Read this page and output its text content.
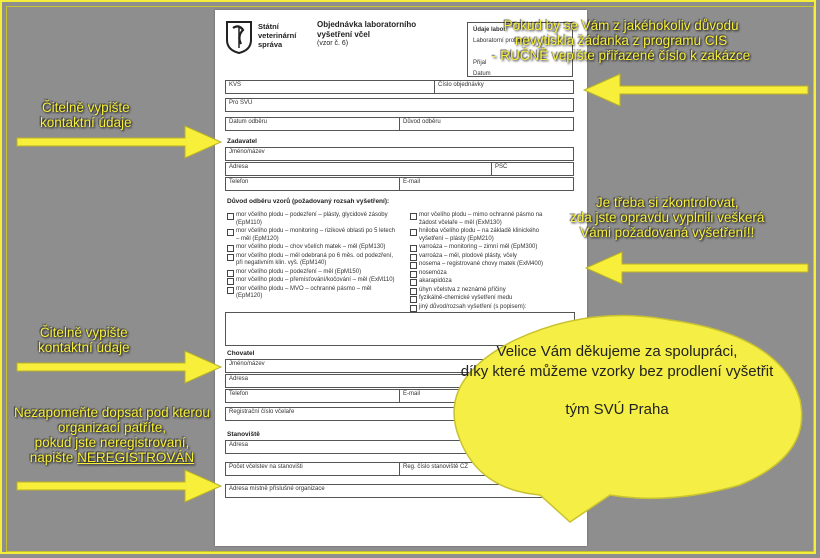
Státní
veterinární
správa
Objednávka laboratorního
vyšetření včel
(vzor č. 6)
Údaje labor
Laboratorní protokol

Přijal
Datum
KVS	Číslo objednávky
Pro SVÚ
Datum odběru	Důvod odběru
Zadavatel
Jméno/název
Adresa	PSČ
Telefon	E-mail
Důvod odběru vzorů (požadovaný rozsah vyšetření):
mor včelího plodu – podezření – plásty, glycidové zásoby (EpM110)
mor včelího plodu – monitoring – rizikové oblasti po 5 letech – měl (EpM120)
mor včelího plodu – chov včelích matek – měl (EpM130)
mor včelího plodu – měl odebraná po 6 měs. od podezření, při negativním klin. vyš. (EpM140)
mor včelího plodu – podezření – měl (EpM150)
mor včelího plodu – přemísťování/kočování – měl (ExM110)
mor včelího plodu – MVO – ochranné pásmo – měl (EpM120)
mor včelího plodu – mimo ochranné pásmo na žádost včelaře – měl (ExM130)
hniloba včelího plodu – na základě klinického vyšetření – plásty (EpM210)
varroáza – monitoring – zimní měl (EpM300)
varroáza – měl, plodové plásty, včely
nosema – registrované chovy matek (ExM400)
nosemóza
akarapidóza
úhyn včelstva z neznámé příčiny
fyzikálně-chemické vyšetření medu
jiný důvod/rozsah vyšetření (s popisem):
Chovatel
Jméno/název
Adresa
Telefon	E-mail
Registrační číslo včelaře
Stanoviště
Adresa
Počet včelstev na stanovišti	Reg. číslo stanoviště CZ
Adresa místně příslušné organizace
Pokud by se Vám z jakéhokoliv důvodu
nevytiskla žádanka z programu CIS
- RUČNĚ vepište přiřazené číslo k zakázce
Čitelně vypište
kontaktní údaje
Je třeba si zkontrolovat,
zda jste opravdu vyplnili veškerá
Vámi požadovaná vyšetření!!
Čitelně vypište
kontaktní údaje
Nezapomeňte dopsat pod kterou
organizací patříte,
pokud jste neregistrovaní,
napište NEREGISTROVÁN
Velice Vám děkujeme za spolupráci,
díky které můžeme vzorky bez prodlení vyšetřit
tým SVÚ Praha
